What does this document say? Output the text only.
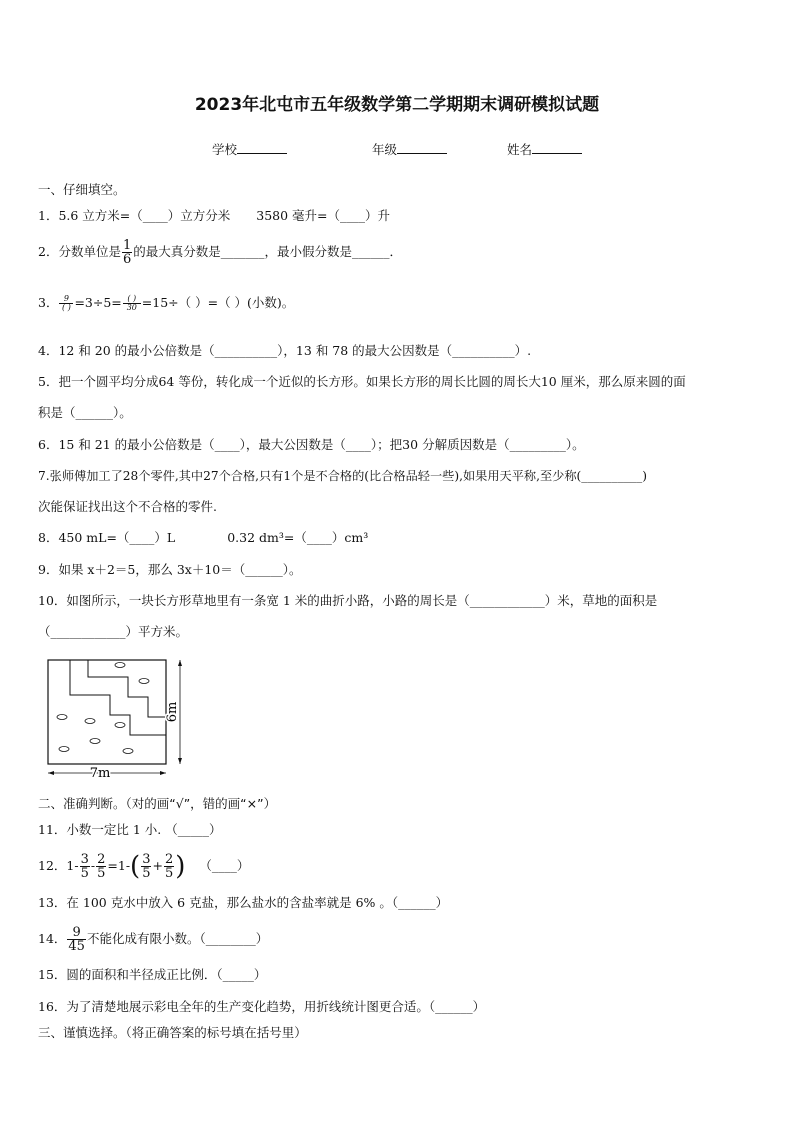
2023年北屯市五年级数学第二学期期末调研模拟试题
学校	年级	姓名
一、仔细填空。
1．5.6 立方米=（____）立方分米 3580 毫升=（____）升
2．分数单位是 $\frac{1}{6}$ 的最大真分数是_______，最小假分数是______．
3． $\frac{9}{( )} =3\div 5= \frac{( )}{30} =15\div$（ ）=（ ）(小数)。
4．12 和 20 的最小公倍数是（__________），13 和 78 的最大公因数是（__________）.
5．把一个圆平均分成64 等份，转化成一个近似的长方形。如果长方形的周长比圆的周长大10 厘米，那么原来圆的面
积是（______）。
6．15 和 21 的最小公倍数是（____），最大公因数是（____）；把30 分解质因数是（_________）。
7.张师傅加工了28个零件,其中27个合格,只有1个是不合格的(比合格品轻一些),如果用天平称,至少称(__________)
次能保证找出这个不合格的零件.
8．450 mL=（____）L	0.32 dm³=（____）cm³
9．如果 x＋2＝5，那么 3x＋10＝（______）。
10．如图所示，一块长方形草地里有一条宽 1 米的曲折小路，小路的周长是（____________）米，草地的面积是
（____________）平方米。
7m
6m
二、准确判断。（对的画“√”，错的画“×”）
11．小数一定比 1 小. （_____）
12．$1- \frac{3}{5} - \frac{2}{5} =1-( \frac{3}{5} + \frac{2}{5}$ ) （____）
13．在 100 克水中放入 6 克盐，那么盐水的含盐率就是 6% 。（______）
14． $\frac{9}{45}$ 不能化成有限小数。（________）
15．圆的面积和半径成正比例．（_____）
16．为了清楚地展示彩电全年的生产变化趋势，用折线统计图更合适。（______）
三、谨慎选择。（将正确答案的标号填在括号里）
